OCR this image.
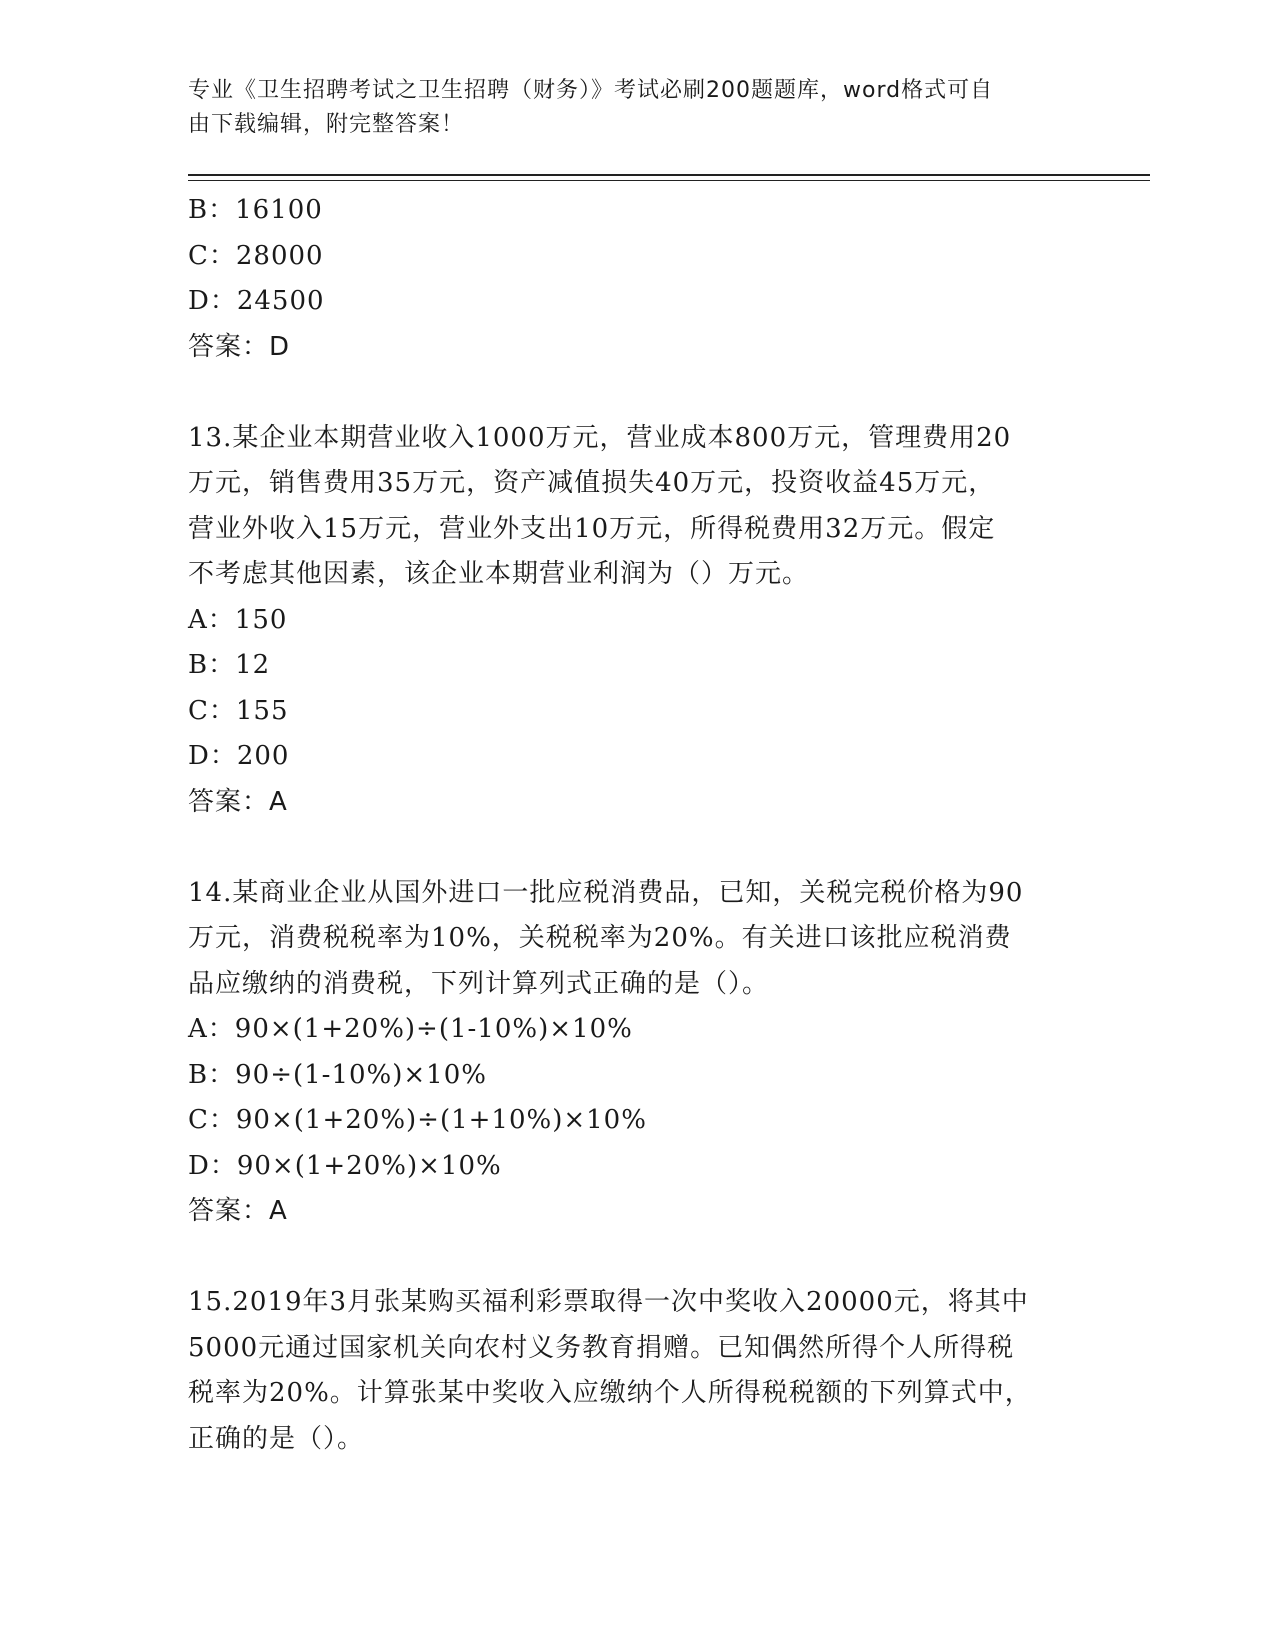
专业《卫生招聘考试之卫生招聘（财务）》考试必刷200题题库，word格式可自
由下载编辑，附完整答案！
B：16100
C：28000
D：24500
答案：D
13.某企业本期营业收入1000万元，营业成本800万元，管理费用20
万元，销售费用35万元，资产减值损失40万元，投资收益45万元，
营业外收入15万元，营业外支出10万元，所得税费用32万元。假定
不考虑其他因素，该企业本期营业利润为（）万元。
A：150
B：12
C：155
D：200
答案：A
14.某商业企业从国外进口一批应税消费品，已知，关税完税价格为90
万元，消费税税率为10%，关税税率为20%。有关进口该批应税消费
品应缴纳的消费税，下列计算列式正确的是（）。
A：90×(1+20%)÷(1-10%)×10%
B：90÷(1-10%)×10%
C：90×(1+20%)÷(1+10%)×10%
D：90×(1+20%)×10%
答案：A
15.2019年3月张某购买福利彩票取得一次中奖收入20000元，将其中
5000元通过国家机关向农村义务教育捐赠。已知偶然所得个人所得税
税率为20%。计算张某中奖收入应缴纳个人所得税税额的下列算式中，
正确的是（）。
